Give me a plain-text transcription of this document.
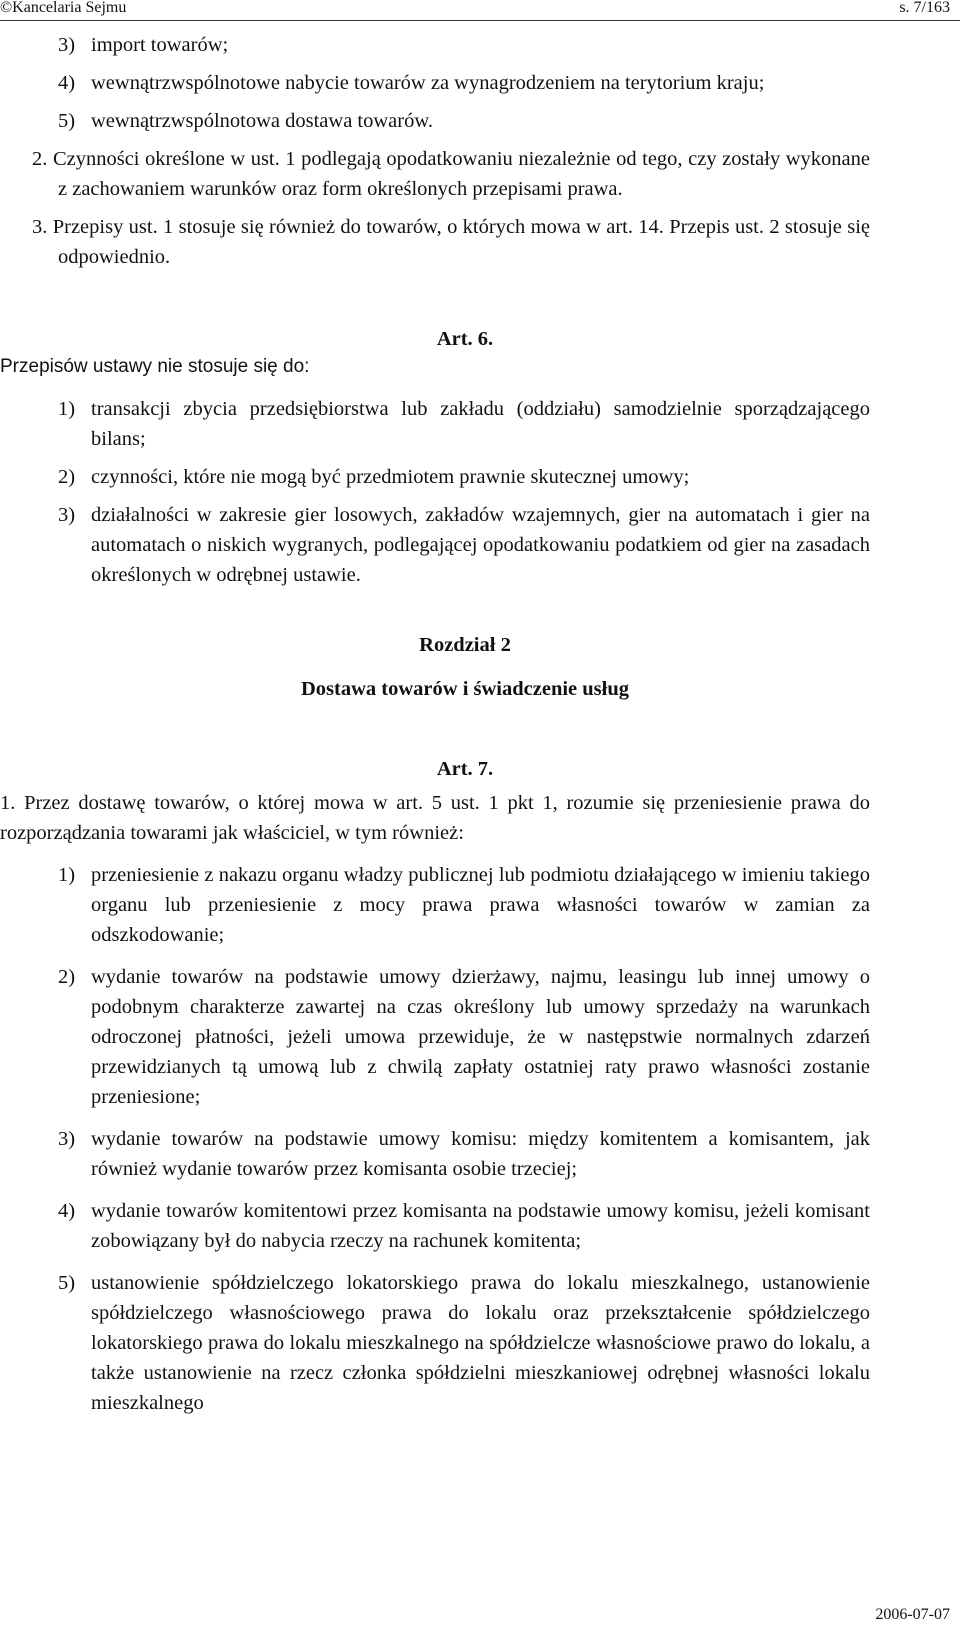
©Kancelaria Sejmu	s. 7/163

3) import towarów;

4) wewnątrzwspólnotowe nabycie towarów za wynagrodzeniem na terytorium kraju;

5) wewnątrzwspólnotowa dostawa towarów.

2. Czynności określone w ust. 1 podlegają opodatkowaniu niezależnie od tego, czy zostały wykonane z zachowaniem warunków oraz form określonych przepisami prawa.

3. Przepisy ust. 1 stosuje się również do towarów, o których mowa w art. 14. Przepis ust. 2 stosuje się odpowiednio.

Art. 6.

Przepisów ustawy nie stosuje się do:

1) transakcji zbycia przedsiębiorstwa lub zakładu (oddziału) samodzielnie sporządzającego bilans;

2) czynności, które nie mogą być przedmiotem prawnie skutecznej umowy;

3) działalności w zakresie gier losowych, zakładów wzajemnych, gier na automatach i gier na automatach o niskich wygranych, podlegającej opodatkowaniu podatkiem od gier na zasadach określonych w odrębnej ustawie.

Rozdział 2

Dostawa towarów i świadczenie usług

Art. 7.

1. Przez dostawę towarów, o której mowa w art. 5 ust. 1 pkt 1, rozumie się przeniesienie prawa do rozporządzania towarami jak właściciel, w tym również:

1) przeniesienie z nakazu organu władzy publicznej lub podmiotu działającego w imieniu takiego organu lub przeniesienie z mocy prawa prawa własności towarów w zamian za odszkodowanie;

2) wydanie towarów na podstawie umowy dzierżawy, najmu, leasingu lub innej umowy o podobnym charakterze zawartej na czas określony lub umowy sprzedaży na warunkach odroczonej płatności, jeżeli umowa przewiduje, że w następstwie normalnych zdarzeń przewidzianych tą umową lub z chwilą zapłaty ostatniej raty prawo własności zostanie przeniesione;

3) wydanie towarów na podstawie umowy komisu: między komitentem a komisantem, jak również wydanie towarów przez komisanta osobie trzeciej;

4) wydanie towarów komitentowi przez komisanta na podstawie umowy komisu, jeżeli komisant zobowiązany był do nabycia rzeczy na rachunek komitenta;

5) ustanowienie spółdzielczego lokatorskiego prawa do lokalu mieszkalnego, ustanowienie spółdzielczego własnościowego prawa do lokalu oraz przekształcenie spółdzielczego lokatorskiego prawa do lokalu mieszkalnego na spółdzielcze własnościowe prawo do lokalu, a także ustanowienie na rzecz członka spółdzielni mieszkaniowej odrębnej własności lokalu mieszkalnego

2006-07-07
